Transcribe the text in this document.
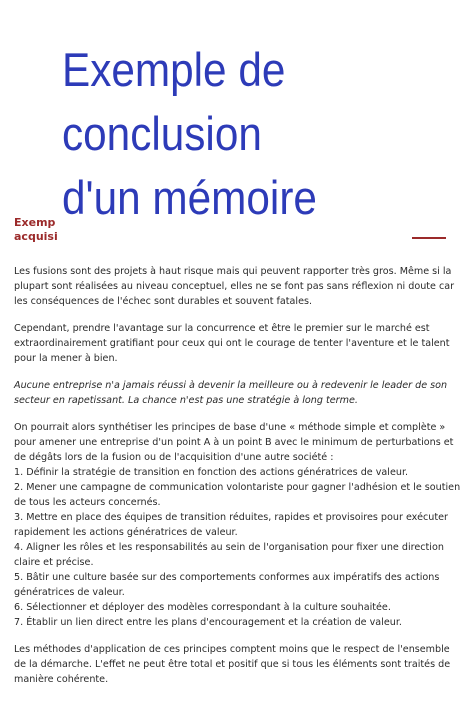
Exemple de
conclusion
d'un mémoire
Exemp
acquisi

Les fusions sont des projets à haut risque mais qui peuvent rapporter très gros. Même si la plupart sont réalisées au niveau conceptuel, elles ne se font pas sans réflexion ni doute car les conséquences de l'échec sont durables et souvent fatales.

Cependant, prendre l'avantage sur la concurrence et être le premier sur le marché est extraordinairement gratifiant pour ceux qui ont le courage de tenter l'aventure et le talent pour la mener à bien.

Aucune entreprise n'a jamais réussi à devenir la meilleure ou à redevenir le leader de son secteur en rapetissant. La chance n'est pas une stratégie à long terme.

On pourrait alors synthétiser les principes de base d'une « méthode simple et complète » pour amener une entreprise d'un point A à un point B avec le minimum de perturbations et de dégâts lors de la fusion ou de l'acquisition d'une autre société :
1. Définir la stratégie de transition en fonction des actions génératrices de valeur.
2. Mener une campagne de communication volontariste pour gagner l'adhésion et le soutien de tous les acteurs concernés.
3. Mettre en place des équipes de transition réduites, rapides et provisoires pour exécuter rapidement les actions génératrices de valeur.
4. Aligner les rôles et les responsabilités au sein de l'organisation pour fixer une direction claire et précise.
5. Bâtir une culture basée sur des comportements conformes aux impératifs des actions génératrices de valeur.
6. Sélectionner et déployer des modèles correspondant à la culture souhaitée.
7. Établir un lien direct entre les plans d'encouragement et la création de valeur.

Les méthodes d'application de ces principes comptent moins que le respect de l'ensemble de la démarche. L'effet ne peut être total et positif que si tous les éléments sont traités de manière cohérente.
